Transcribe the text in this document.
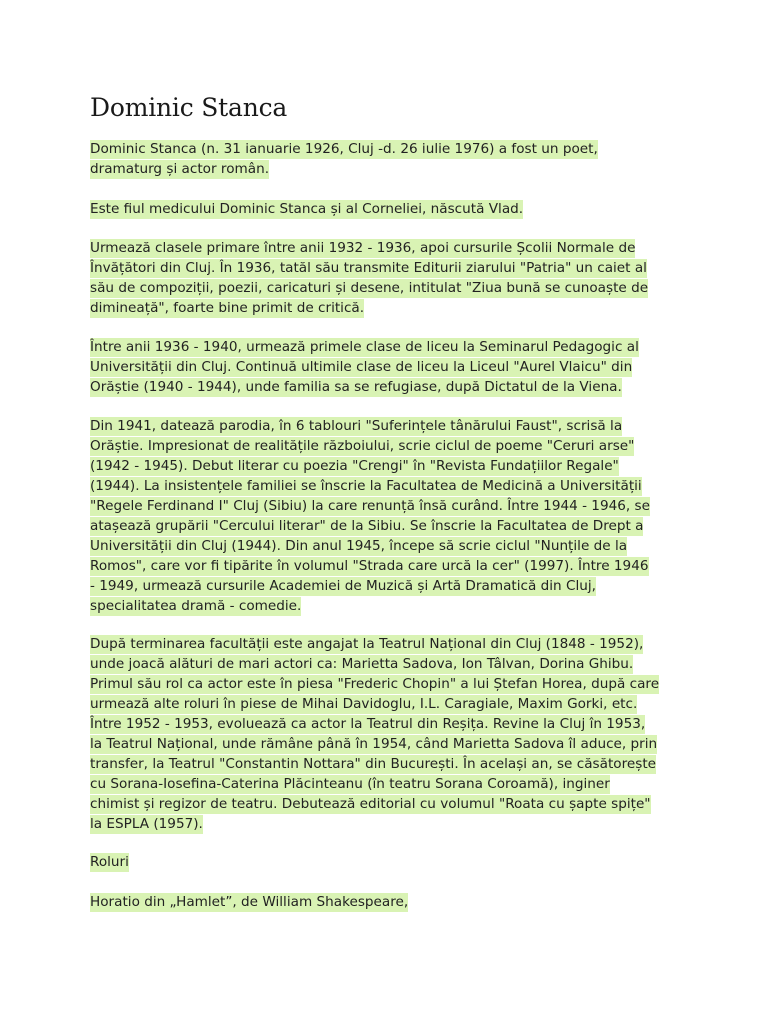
Dominic Stanca

Dominic Stanca (n. 31 ianuarie 1926, Cluj -d. 26 iulie 1976) a fost un poet,
dramaturg și actor român.

Este fiul medicului Dominic Stanca și al Corneliei, născută Vlad.

Urmează clasele primare între anii 1932 - 1936, apoi cursurile Școlii Normale de
Învățători din Cluj. În 1936, tatăl său transmite Editurii ziarului "Patria" un caiet al
său de compoziții, poezii, caricaturi și desene, intitulat "Ziua bună se cunoaște de
dimineață", foarte bine primit de critică.

Între anii 1936 - 1940, urmează primele clase de liceu la Seminarul Pedagogic al
Universității din Cluj. Continuă ultimile clase de liceu la Liceul "Aurel Vlaicu" din
Orăștie (1940 - 1944), unde familia sa se refugiase, după Dictatul de la Viena.

Din 1941, datează parodia, în 6 tablouri "Suferințele tânărului Faust", scrisă la
Orăștie. Impresionat de realitățile războiului, scrie ciclul de poeme "Ceruri arse"
(1942 - 1945). Debut literar cu poezia "Crengi" în "Revista Fundațiilor Regale"
(1944). La insistențele familiei se înscrie la Facultatea de Medicină a Universității
"Regele Ferdinand I" Cluj (Sibiu) la care renunță însă curând. Între 1944 - 1946, se
atașează grupării "Cercului literar" de la Sibiu. Se înscrie la Facultatea de Drept a
Universității din Cluj (1944). Din anul 1945, începe să scrie ciclul "Nunțile de la
Romos", care vor fi tipărite în volumul "Strada care urcă la cer" (1997). Între 1946
- 1949, urmează cursurile Academiei de Muzică și Artă Dramatică din Cluj,
specialitatea dramă - comedie.

După terminarea facultății este angajat la Teatrul Național din Cluj (1848 - 1952),
unde joacă alături de mari actori ca: Marietta Sadova, Ion Tâlvan, Dorina Ghibu.
Primul său rol ca actor este în piesa "Frederic Chopin" a lui Ștefan Horea, după care
urmează alte roluri în piese de Mihai Davidoglu, I.L. Caragiale, Maxim Gorki, etc.
Între 1952 - 1953, evoluează ca actor la Teatrul din Reșița. Revine la Cluj în 1953,
la Teatrul Național, unde rămâne până în 1954, când Marietta Sadova îl aduce, prin
transfer, la Teatrul "Constantin Nottara" din București. În același an, se căsătorește
cu Sorana-Iosefina-Caterina Plăcinteanu (în teatru Sorana Coroamă), inginer
chimist și regizor de teatru. Debutează editorial cu volumul "Roata cu șapte spițe"
la ESPLA (1957).

Roluri

Horatio din „Hamlet”, de William Shakespeare,
